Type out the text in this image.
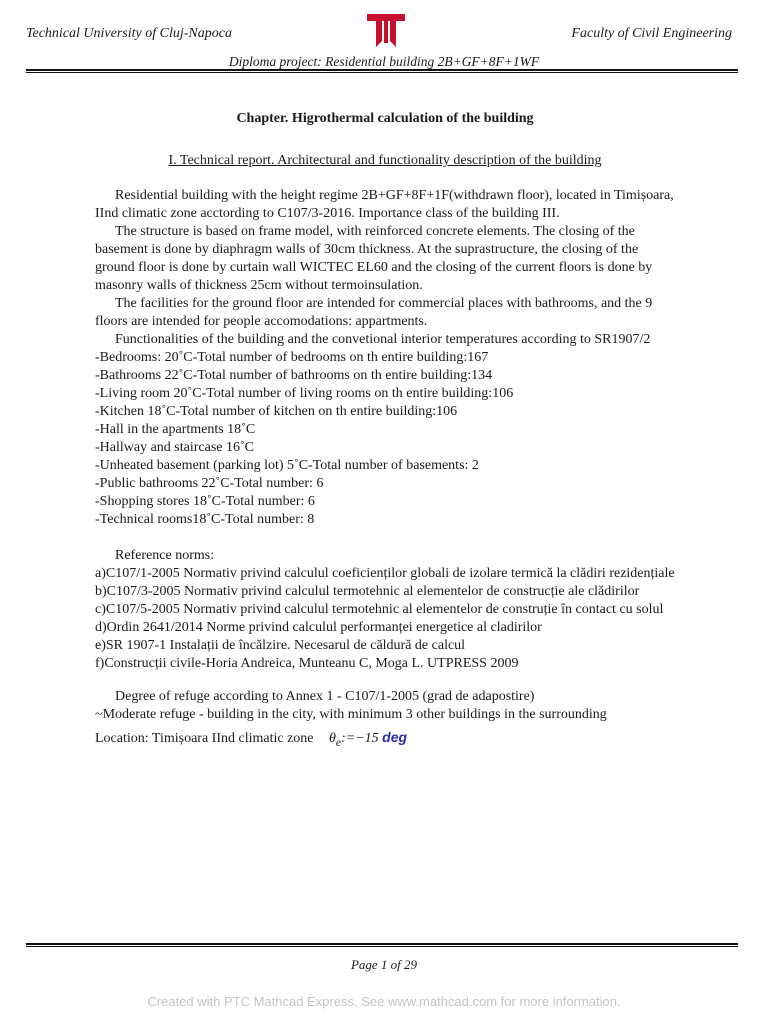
Technical University of Cluj-Napoca	Faculty of Civil Engineering
Diploma project: Residential building 2B+GF+8F+1WF
Chapter. Higrothermal calculation of the building
I. Technical report. Architectural and functionality description of the building

Residential building with the height regime 2B+GF+8F+1F(withdrawn floor), located in Timișoara, IInd climatic zone acctording to C107/3-2016. Importance class of the building III.

The structure is based on frame model, with reinforced concrete elements. The closing of the basement is done by diaphragm walls of 30cm thickness. At the suprastructure, the closing of the ground floor is done by curtain wall WICTEC EL60 and the closing of the current floors is done by masonry walls of thickness 25cm without termoinsulation.

The facilities for the ground floor are intended for commercial places with bathrooms, and the 9 floors are intended for people accomodations: appartments.

Functionalities of the building and the convetional interior temperatures according to SR1907/2

-Bedrooms: 20˚C-Total number of bedrooms on th entire building:167
-Bathrooms 22˚C-Total number of bathrooms on th entire building:134
-Living room 20˚C-Total number of living rooms on th entire building:106
-Kitchen 18˚C-Total number of kitchen on th entire building:106
-Hall in the apartments 18˚C
-Hallway and staircase 16˚C
-Unheated basement (parking lot) 5˚C-Total number of basements: 2
-Public bathrooms 22˚C-Total number: 6
-Shopping stores 18˚C-Total number: 6
-Technical rooms18˚C-Total number: 8

Reference norms:

a)C107/1-2005 Normativ privind calculul coeficienților globali de izolare termică la clădiri rezidențiale
b)C107/3-2005 Normativ privind calculul termotehnic al elementelor de construcție ale clădirilor
c)C107/5-2005 Normativ privind calculul termotehnic al elementelor de construție în contact cu solul
d)Ordin 2641/2014 Norme privind calculul performanței energetice al cladirilor
e)SR 1907-1 Instalații de încălzire. Necesarul de căldură de calcul
f)Construcții civile-Horia Andreica, Munteanu C, Moga L. UTPRESS 2009

Degree of refuge according to Annex 1 - C107/1-2005 (grad de adapostire)

~Moderate refuge - building in the city, with minimum 3 other buildings in the surrounding

Location: Timișoara IInd climatic zone $\theta_e:=-15$ deg
Page 1 of 29
Created with PTC Mathcad Express. See www.mathcad.com for more information.
